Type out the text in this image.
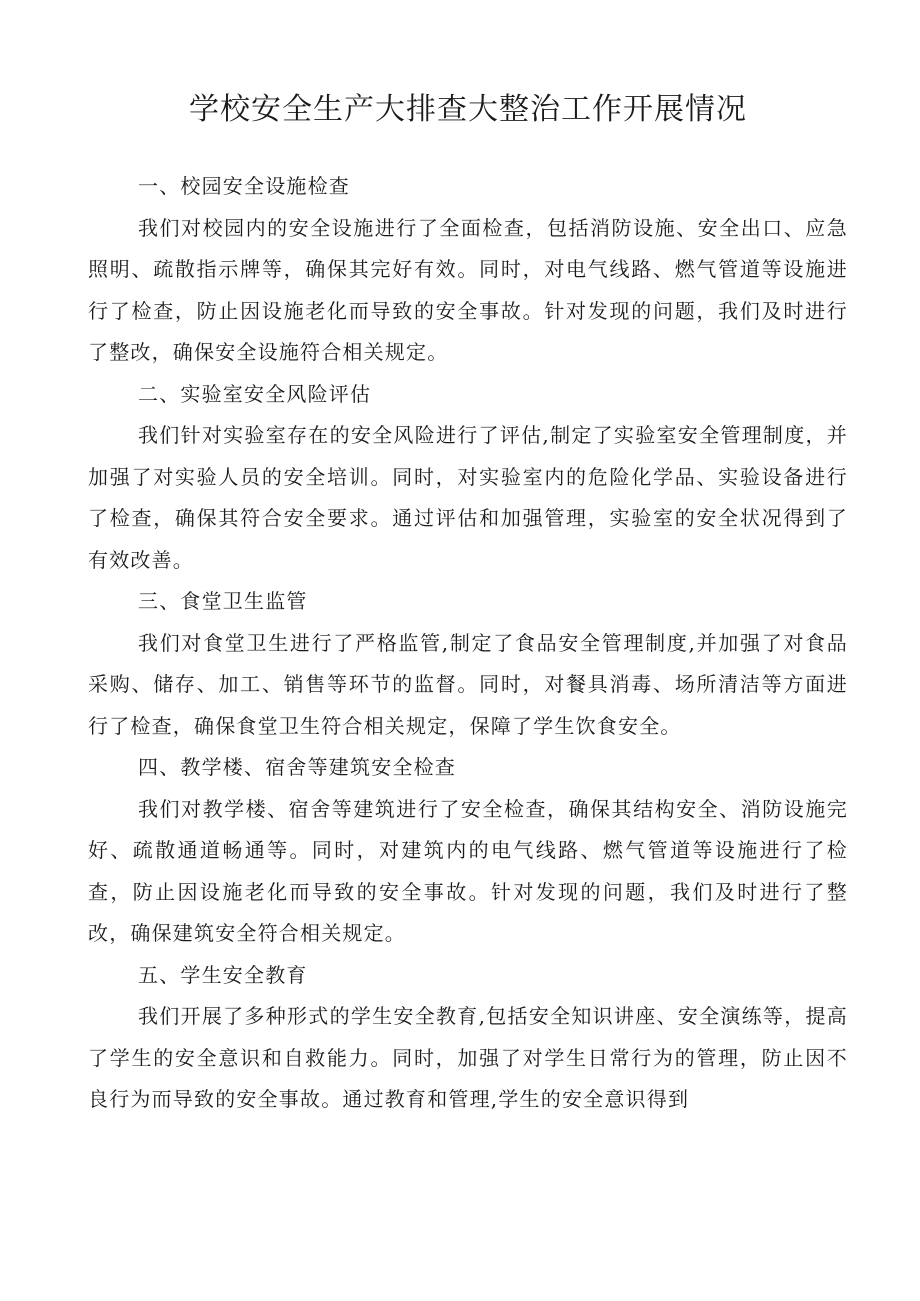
学校安全生产大排查大整治工作开展情况

一、校园安全设施检查

我们对校园内的安全设施进行了全面检查，包括消防设施、安全出口、应急照明、疏散指示牌等，确保其完好有效。同时，对电气线路、燃气管道等设施进行了检查，防止因设施老化而导致的安全事故。针对发现的问题，我们及时进行了整改，确保安全设施符合相关规定。

二、实验室安全风险评估

我们针对实验室存在的安全风险进行了评估,制定了实验室安全管理制度，并加强了对实验人员的安全培训。同时，对实验室内的危险化学品、实验设备进行了检查，确保其符合安全要求。通过评估和加强管理，实验室的安全状况得到了有效改善。

三、食堂卫生监管

我们对食堂卫生进行了严格监管,制定了食品安全管理制度,并加强了对食品采购、储存、加工、销售等环节的监督。同时，对餐具消毒、场所清洁等方面进行了检查，确保食堂卫生符合相关规定，保障了学生饮食安全。

四、教学楼、宿舍等建筑安全检查

我们对教学楼、宿舍等建筑进行了安全检查，确保其结构安全、消防设施完好、疏散通道畅通等。同时，对建筑内的电气线路、燃气管道等设施进行了检查，防止因设施老化而导致的安全事故。针对发现的问题，我们及时进行了整改，确保建筑安全符合相关规定。

五、学生安全教育

我们开展了多种形式的学生安全教育,包括安全知识讲座、安全演练等，提高了学生的安全意识和自救能力。同时，加强了对学生日常行为的管理，防止因不良行为而导致的安全事故。通过教育和管理,学生的安全意识得到
